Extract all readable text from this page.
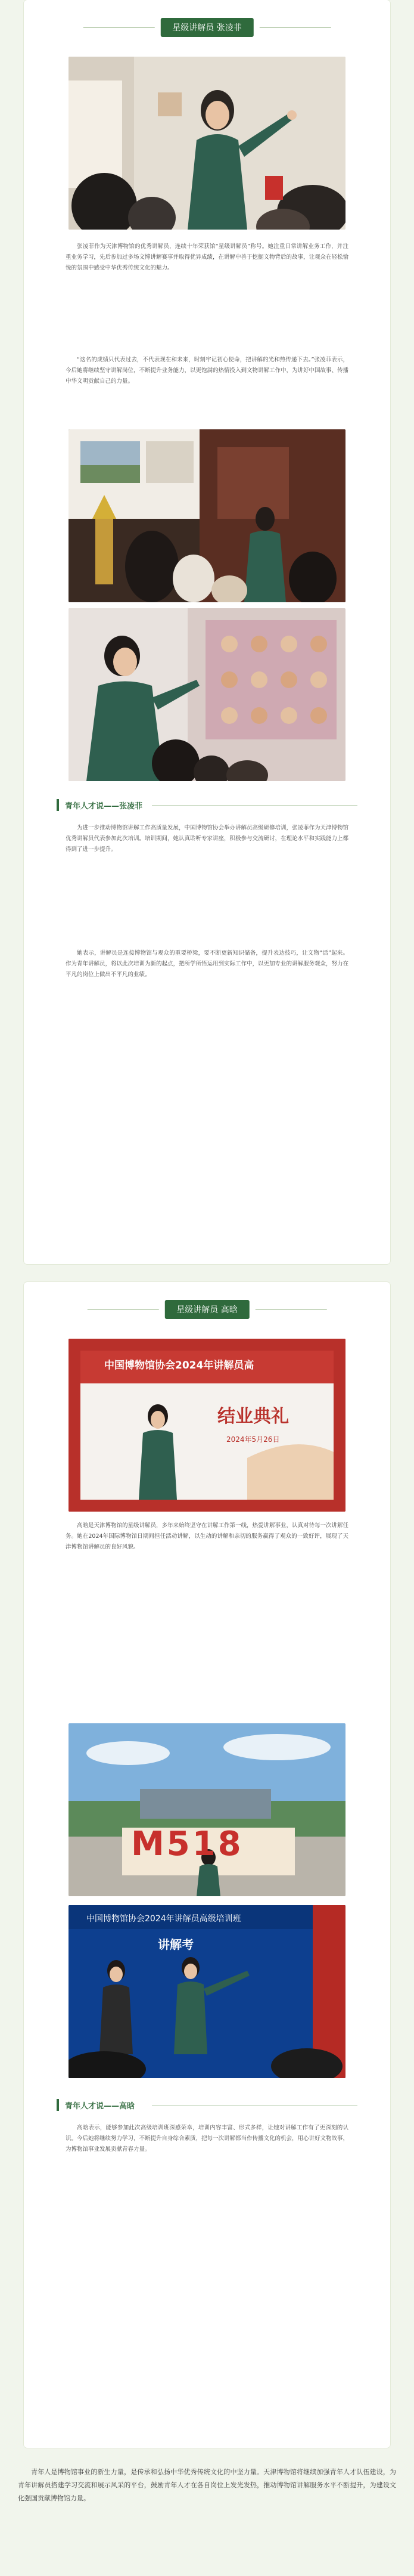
星级讲解员 张凌菲

张凌菲作为天津博物馆的优秀讲解员，连续十年荣获馆“星级讲解员”称号。她注重日常讲解业务工作，并注重业务学习，先后参加过多场文博讲解赛事并取得优异成绩，在讲解中善于挖掘文物背后的故事，让观众在轻松愉悦的氛围中感受中华优秀传统文化的魅力。

“这名的成绩只代表过去，不代表现在和未来，时刻牢记初心使命，把讲解的光和热传递下去。”张凌菲表示，今后她将继续坚守讲解岗位，不断提升业务能力，以更饱满的热情投入到文物讲解工作中，为讲好中国故事、传播中华文明贡献自己的力量。

青年人才说——张凌菲

为进一步推动博物馆讲解工作高质量发展，中国博物馆协会举办讲解员高级研修培训，张凌菲作为天津博物馆优秀讲解员代表参加此次培训。培训期间，她认真聆听专家讲座，积极参与交流研讨，在理论水平和实践能力上都得到了进一步提升。

她表示，讲解员是连接博物馆与观众的重要桥梁，要不断更新知识储备，提升表达技巧，让文物“活”起来。作为青年讲解员，将以此次培训为新的起点，把所学所悟运用到实际工作中，以更加专业的讲解服务观众，努力在平凡的岗位上做出不平凡的业绩。

星级讲解员 高晗
中国博物馆协会2024年讲解员高
结业典礼
2024年5月26日

高晗是天津博物馆的星级讲解员，多年来始终坚守在讲解工作第一线，热爱讲解事业，认真对待每一次讲解任务。她在2024年国际博物馆日期间担任活动讲解，以生动的讲解和亲切的服务赢得了观众的一致好评，展现了天津博物馆讲解员的良好风貌。

M518
中国博物馆协会2024年讲解员高级培训班
讲解考
青年人才说——高晗

高晗表示，能够参加此次高级培训班深感荣幸，培训内容丰富、形式多样，让她对讲解工作有了更深刻的认识。今后她将继续努力学习，不断提升自身综合素质，把每一次讲解都当作传播文化的机会，用心讲好文物故事，为博物馆事业发展贡献青春力量。

青年人是博物馆事业的新生力量，是传承和弘扬中华优秀传统文化的中坚力量。天津博物馆将继续加强青年人才队伍建设，为青年讲解员搭建学习交流和展示风采的平台，鼓励青年人才在各自岗位上发光发热，推动博物馆讲解服务水平不断提升，为建设文化强国贡献博物馆力量。
